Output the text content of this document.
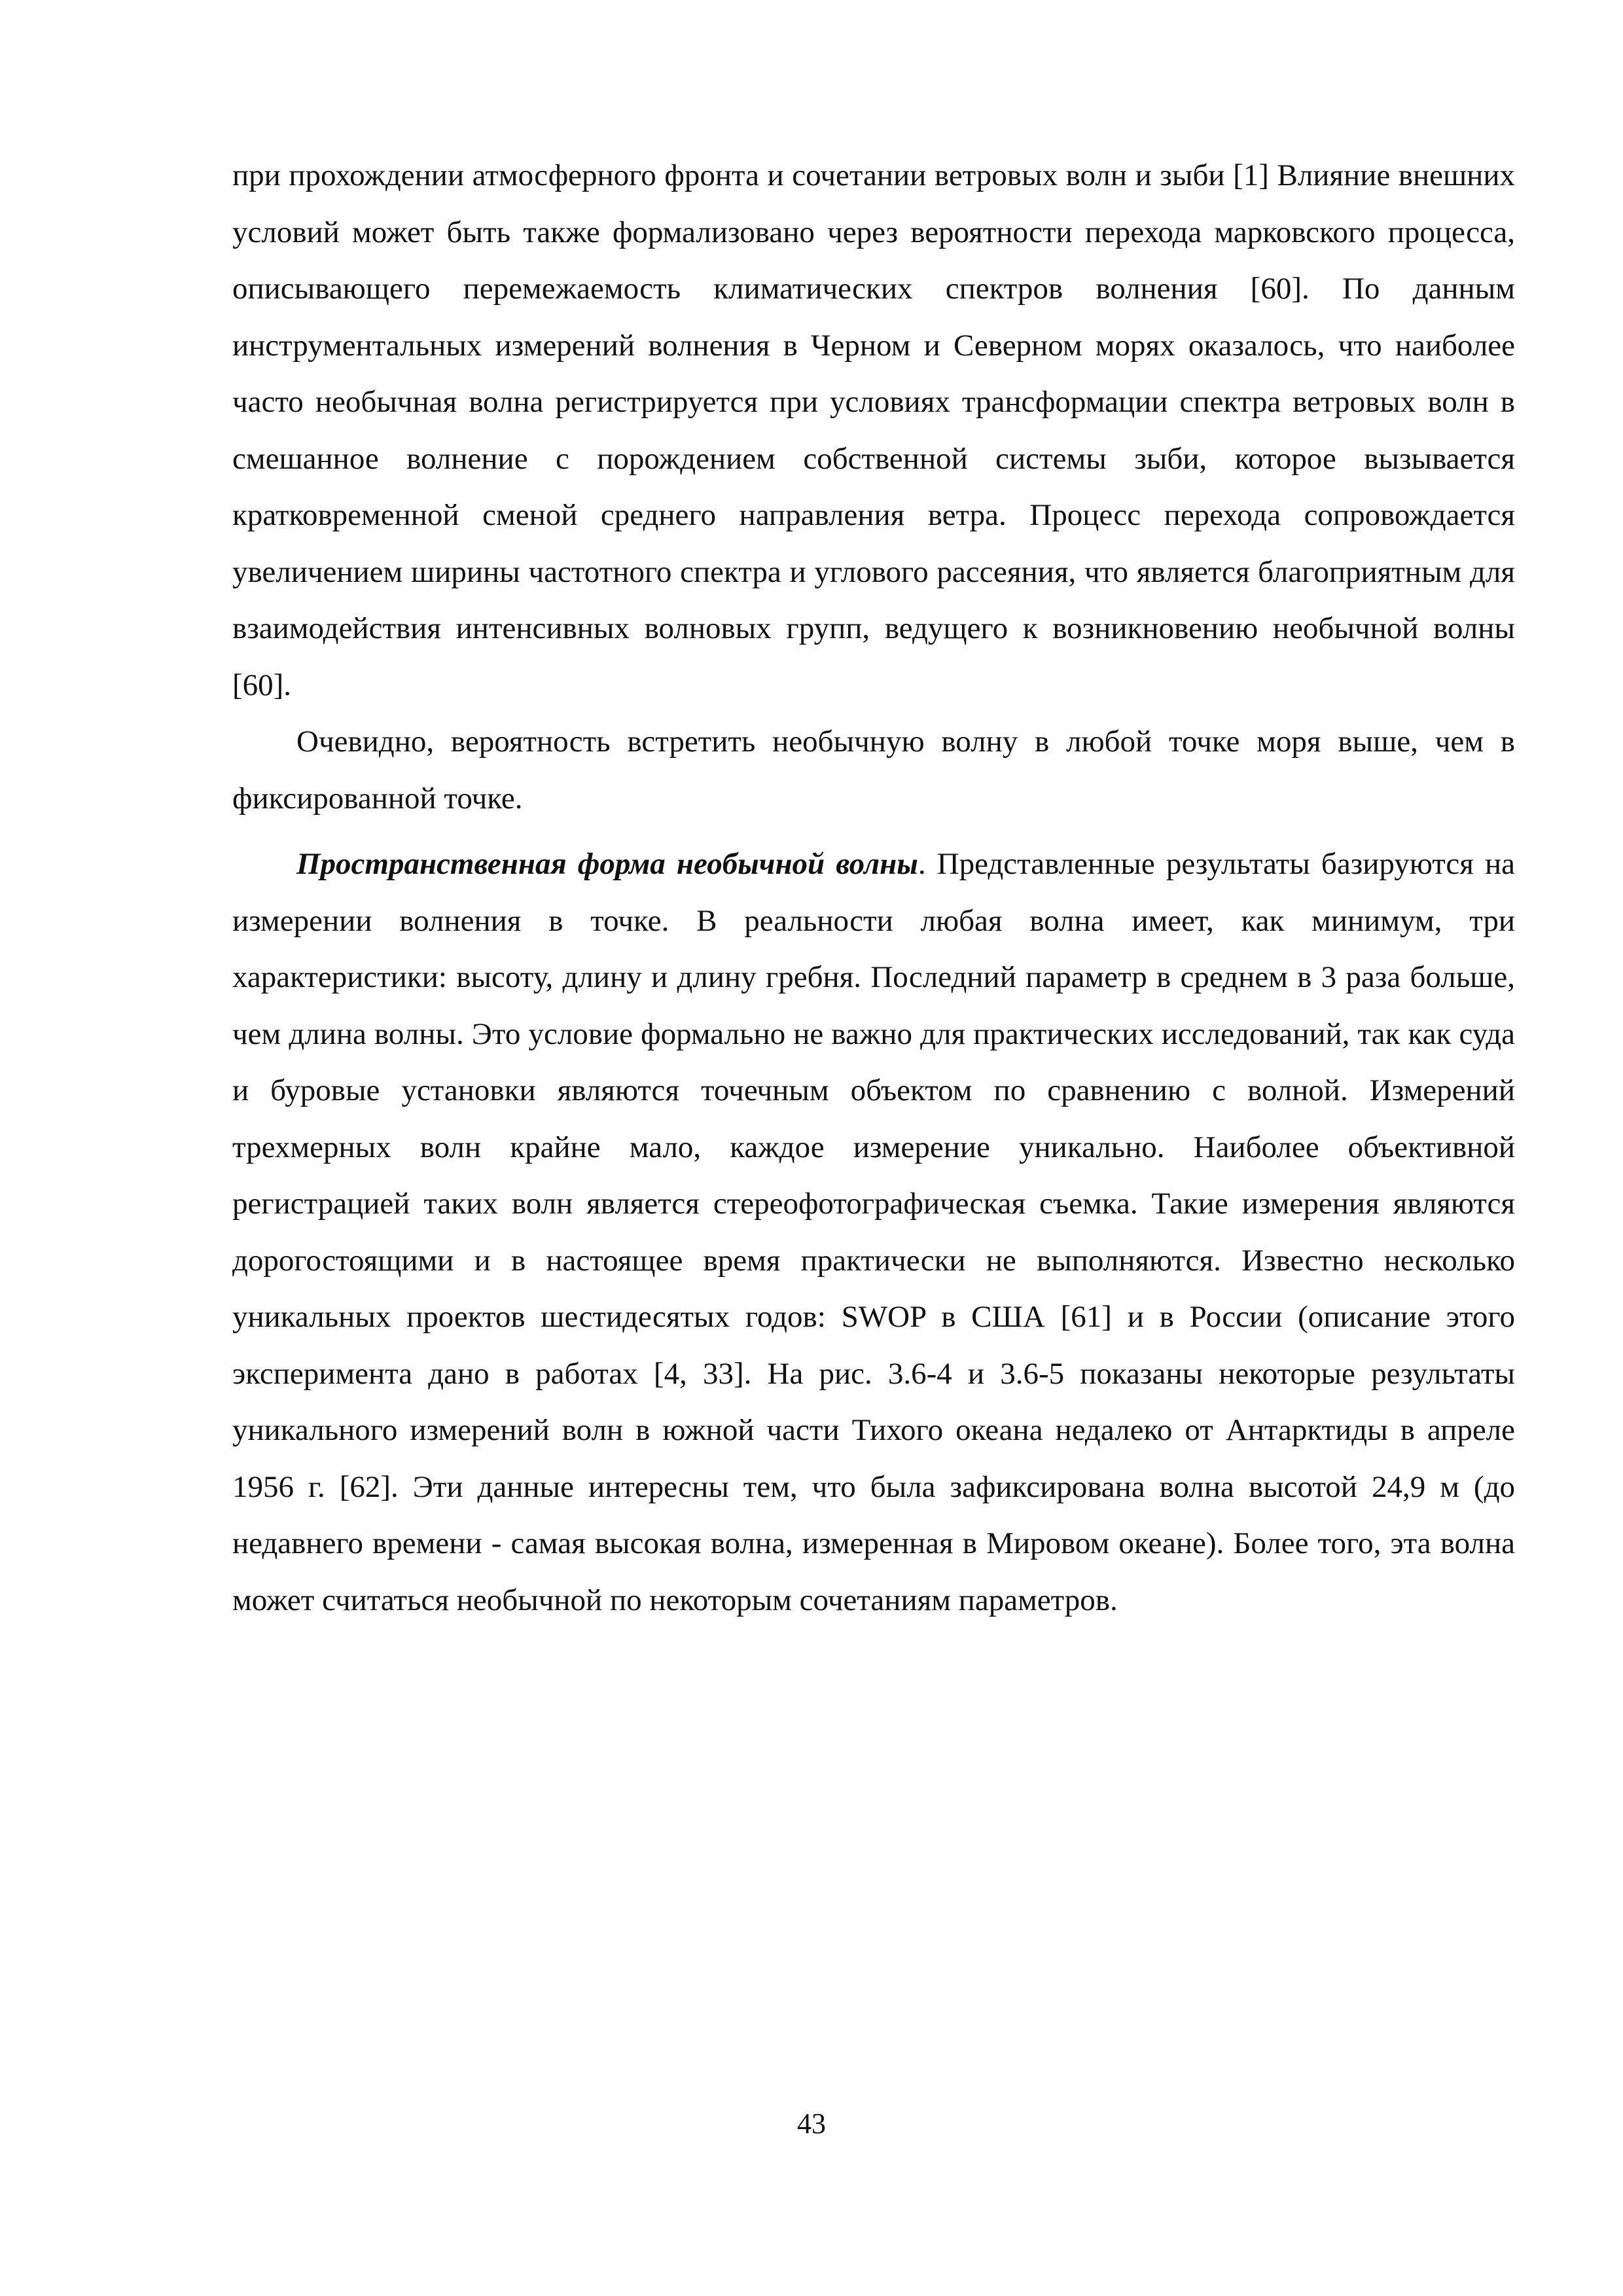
при прохождении атмосферного фронта и сочетании ветровых волн и зыби [1] Влияние внешних условий может быть также формализовано через вероятности перехода марковского процесса, описывающего перемежаемость климатических спектров волнения [60]. По данным инструментальных измерений волнения в Черном и Северном морях оказалось, что наиболее часто необычная волна регистрируется при условиях трансформации спектра ветровых волн в смешанное волнение с порождением собственной системы зыби, которое вызывается кратковременной сменой среднего направления ветра. Процесс перехода сопровождается увеличением ширины частотного спектра и углового рассеяния, что является благоприятным для взаимодействия интенсивных волновых групп, ведущего к возникновению необычной волны [60].

Очевидно, вероятность встретить необычную волну в любой точке моря выше, чем в фиксированной точке.

Пространственная форма необычной волны. Представленные результаты базируются на измерении волнения в точке. В реальности любая волна имеет, как минимум, три характеристики: высоту, длину и длину гребня. Последний параметр в среднем в 3 раза больше, чем длина волны. Это условие формально не важно для практических исследований, так как суда и буровые установки являются точечным объектом по сравнению с волной. Измерений трехмерных волн крайне мало, каждое измерение уникально. Наиболее объективной регистрацией таких волн является стереофотографическая съемка. Такие измерения являются дорогостоящими и в настоящее время практически не выполняются. Известно несколько уникальных проектов шестидесятых годов: SWOP в США [61] и в России (описание этого эксперимента дано в работах [4, 33]. На рис. 3.6-4 и 3.6-5 показаны некоторые результаты уникального измерений волн в южной части Тихого океана недалеко от Антарктиды в апреле 1956 г. [62]. Эти данные интересны тем, что была зафиксирована волна высотой 24,9 м (до недавнего времени - самая высокая волна, измеренная в Мировом океане). Более того, эта волна может считаться необычной по некоторым сочетаниям параметров.

43
